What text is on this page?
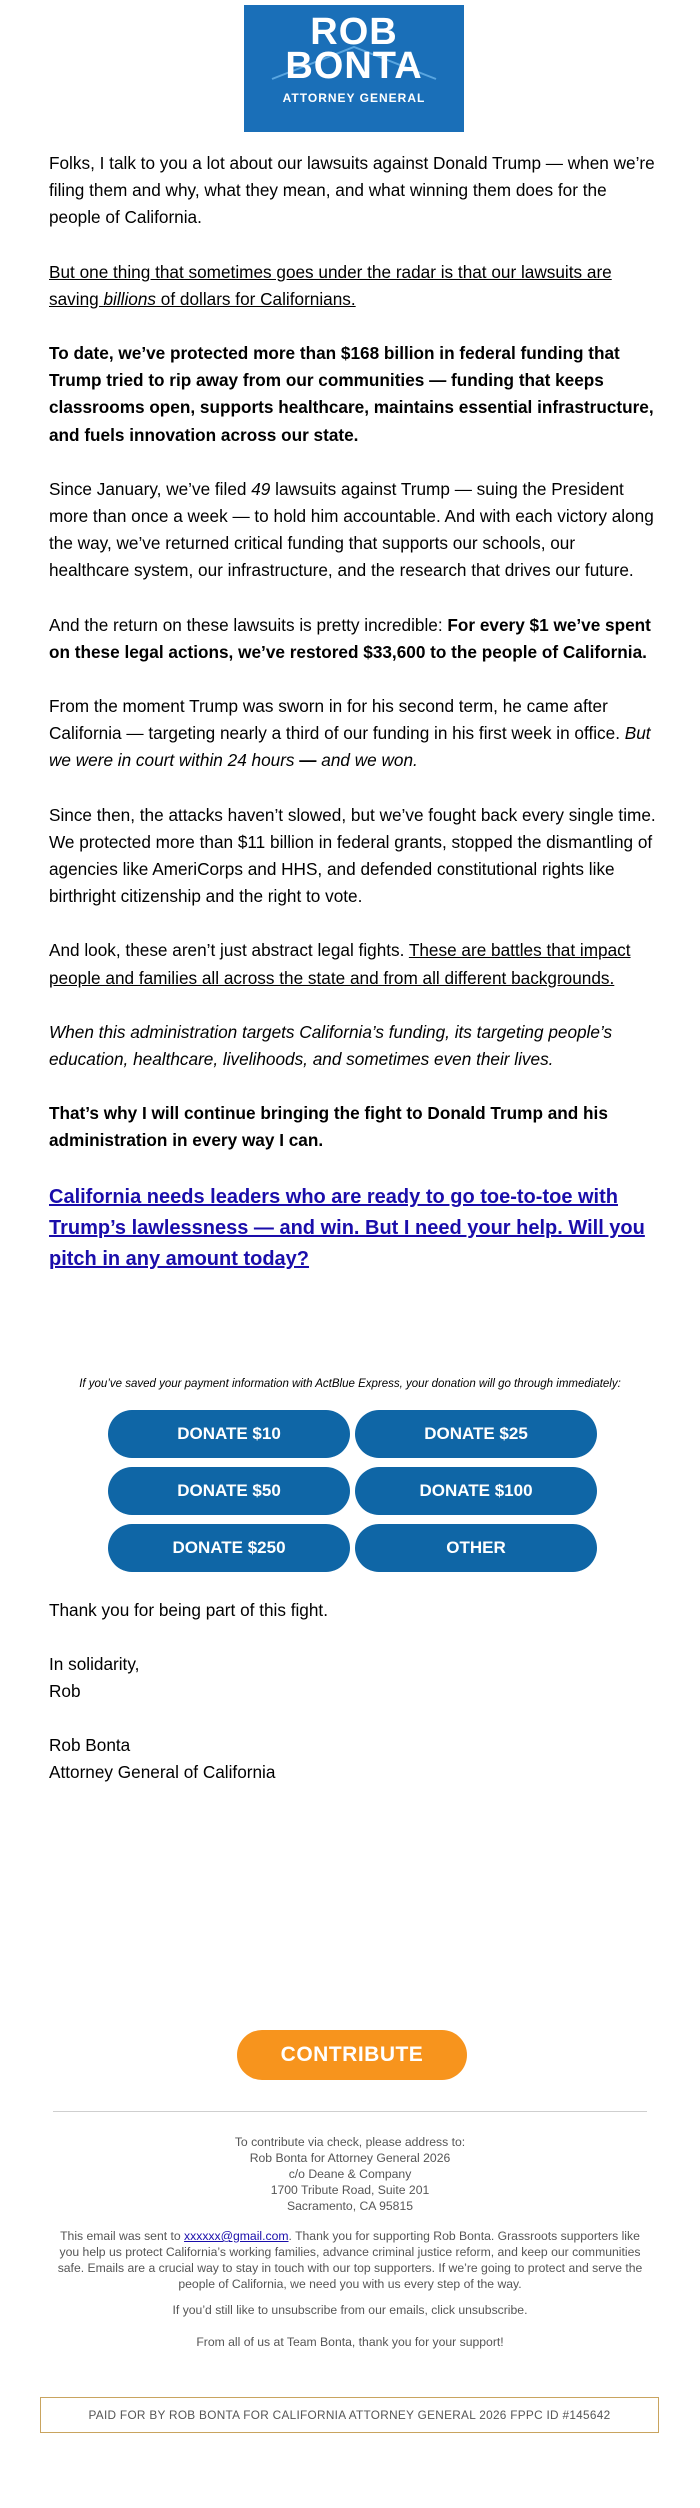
ROB
BONTA
ATTORNEY GENERAL

Folks, I talk to you a lot about our lawsuits against Donald Trump — when we’re filing them and why, what they mean, and what winning them does for the people of California.

But one thing that sometimes goes under the radar is that our lawsuits are saving billions of dollars for Californians.

To date, we’ve protected more than $168 billion in federal funding that Trump tried to rip away from our communities — funding that keeps classrooms open, supports healthcare, maintains essential infrastructure, and fuels innovation across our state.

Since January, we’ve filed 49 lawsuits against Trump — suing the President more than once a week — to hold him accountable. And with each victory along the way, we’ve returned critical funding that supports our schools, our healthcare system, our infrastructure, and the research that drives our future.

And the return on these lawsuits is pretty incredible: For every $1 we’ve spent on these legal actions, we’ve restored $33,600 to the people of California.

From the moment Trump was sworn in for his second term, he came after California — targeting nearly a third of our funding in his first week in office. But we were in court within 24 hours — and we won.

Since then, the attacks haven’t slowed, but we’ve fought back every single time. We protected more than $11 billion in federal grants, stopped the dismantling of agencies like AmeriCorps and HHS, and defended constitutional rights like birthright citizenship and the right to vote.

And look, these aren’t just abstract legal fights. These are battles that impact people and families all across the state and from all different backgrounds.

When this administration targets California’s funding, its targeting people’s education, healthcare, livelihoods, and sometimes even their lives.

That’s why I will continue bringing the fight to Donald Trump and his administration in every way I can.

California needs leaders who are ready to go toe-to-toe with Trump’s lawlessness — and win. But I need your help. Will you pitch in any amount today?

If you’ve saved your payment information with ActBlue Express, your donation will go through immediately:
DONATE $10	DONATE $25
DONATE $50	DONATE $100
DONATE $250	OTHER
Thank you for being part of this fight.
In solidarity,
Rob
Rob Bonta
Attorney General of California
CONTRIBUTE
To contribute via check, please address to:
Rob Bonta for Attorney General 2026
c/o Deane & Company
1700 Tribute Road, Suite 201
Sacramento, CA 95815
This email was sent to xxxxxx@gmail.com. Thank you for supporting Rob Bonta. Grassroots supporters like you help us protect California’s working families, advance criminal justice reform, and keep our communities safe. Emails are a crucial way to stay in touch with our top supporters. If we’re going to protect and serve the people of California, we need you with us every step of the way.
If you’d still like to unsubscribe from our emails, click unsubscribe.
From all of us at Team Bonta, thank you for your support!
PAID FOR BY ROB BONTA FOR CALIFORNIA ATTORNEY GENERAL 2026 FPPC ID #145642
